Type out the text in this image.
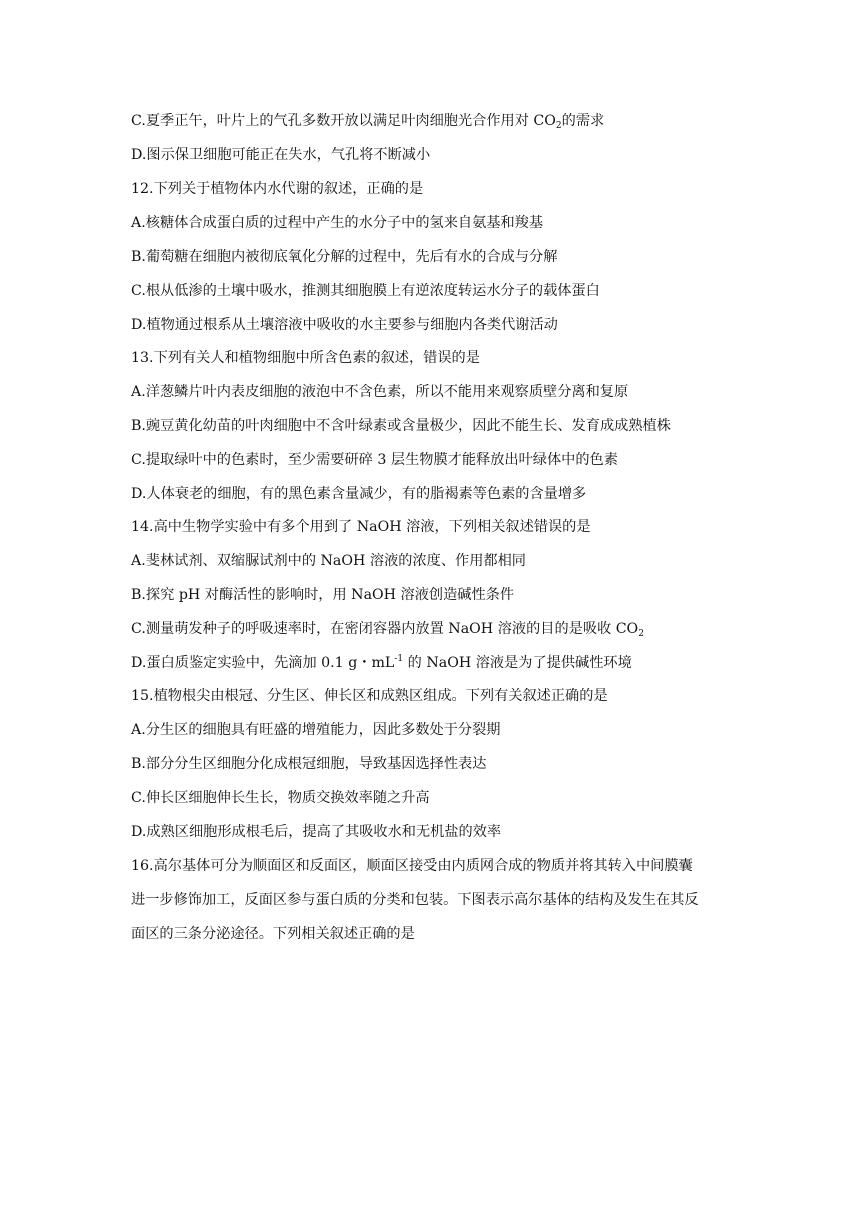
C.夏季正午，叶片上的气孔多数开放以满足叶肉细胞光合作用对 $CO_2$的需求
D.图示保卫细胞可能正在失水，气孔将不断减小
12.下列关于植物体内水代谢的叙述，正确的是
A.核糖体合成蛋白质的过程中产生的水分子中的氢来自氨基和羧基
B.葡萄糖在细胞内被彻底氧化分解的过程中，先后有水的合成与分解
C.根从低渗的土壤中吸水，推测其细胞膜上有逆浓度转运水分子的载体蛋白
D.植物通过根系从土壤溶液中吸收的水主要参与细胞内各类代谢活动
13.下列有关人和植物细胞中所含色素的叙述，错误的是
A.洋葱鳞片叶内表皮细胞的液泡中不含色素，所以不能用来观察质壁分离和复原
B.豌豆黄化幼苗的叶肉细胞中不含叶绿素或含量极少，因此不能生长、发育成成熟植株
C.提取绿叶中的色素时，至少需要研碎 3 层生物膜才能释放出叶绿体中的色素
D.人体衰老的细胞，有的黑色素含量减少，有的脂褐素等色素的含量增多
14.高中生物学实验中有多个用到了 NaOH 溶液，下列相关叙述错误的是
A.斐林试剂、双缩脲试剂中的 NaOH 溶液的浓度、作用都相同
B.探究 pH 对酶活性的影响时，用 NaOH 溶液创造碱性条件
C.测量萌发种子的呼吸速率时，在密闭容器内放置 NaOH 溶液的目的是吸收 $CO_2$
D.蛋白质鉴定实验中，先滴加 0.1 g・$mL^{-1}$ 的 NaOH 溶液是为了提供碱性环境
15.植物根尖由根冠、分生区、伸长区和成熟区组成。下列有关叙述正确的是
A.分生区的细胞具有旺盛的增殖能力，因此多数处于分裂期
B.部分分生区细胞分化成根冠细胞，导致基因选择性表达
C.伸长区细胞伸长生长，物质交换效率随之升高
D.成熟区细胞形成根毛后，提高了其吸收水和无机盐的效率
16.高尔基体可分为顺面区和反面区，顺面区接受由内质网合成的物质并将其转入中间膜囊
进一步修饰加工，反面区参与蛋白质的分类和包装。下图表示高尔基体的结构及发生在其反
面区的三条分泌途径。下列相关叙述正确的是
